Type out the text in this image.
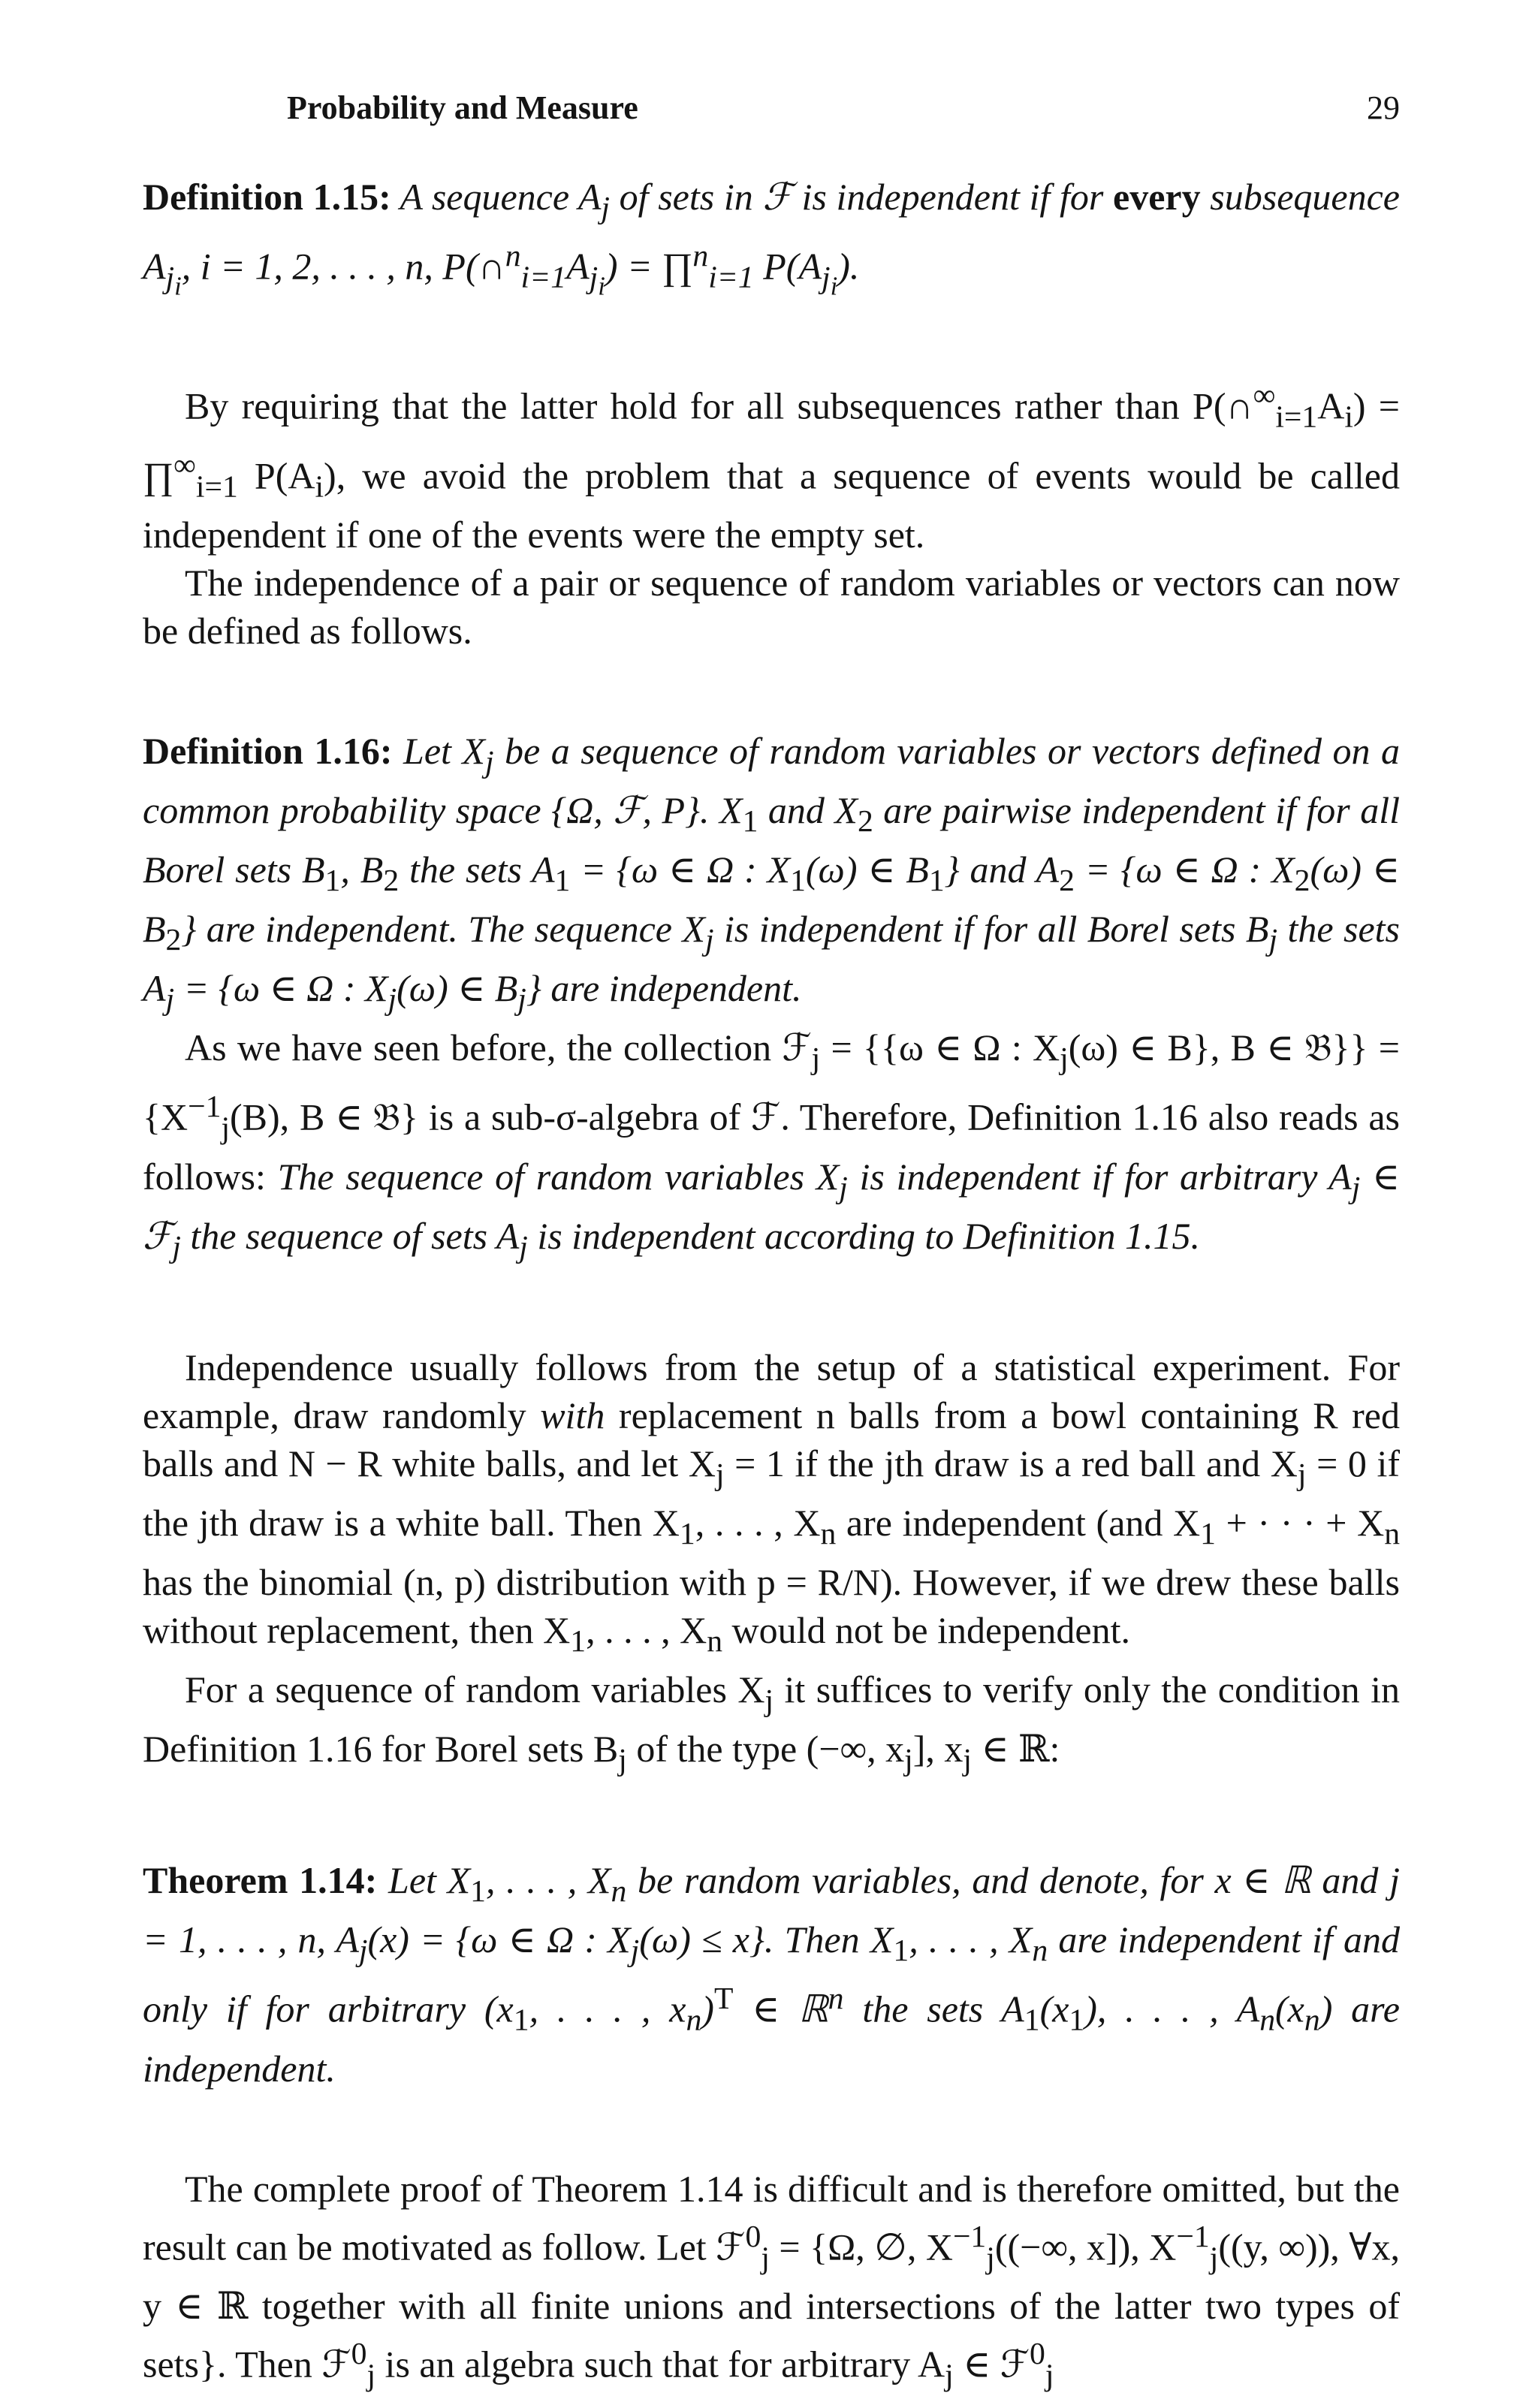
Probability and Measure	29

Definition 1.15: A sequence $A_j$ of sets in ℱ is independent if for every subsequence $A_{j_i}$, i = 1, 2, . . . , n, $P(\cap^n_{i=1}A_{j_i})$ = ∏$^n_{i=1}$ $P(A_{j_i})$.

By requiring that the latter hold for all subsequences rather than $P(\cap^\infty_{i=1}A_i)$ = $\prod^\infty_{i=1}$ $P(A_i)$, we avoid the problem that a sequence of events would be called independent if one of the events were the empty set.

The independence of a pair or sequence of random variables or vectors can now be defined as follows.

Definition 1.16: Let $X_j$ be a sequence of random variables or vectors defined on a common probability space {Ω, ℱ, P}. $X_1$ and $X_2$ are pairwise independent if for all Borel sets $B_1$, $B_2$ the sets $A_1 = \{\omega$ ∈ Ω : $X_1(\omega)$ ∈ $B_1$} and $A_2 = \{\omega$ ∈ Ω : $X_2(\omega)$ ∈ $B_2$} are independent. The sequence $X_j$ is independent if for all Borel sets $B_j$ the sets $A_j = \{\omega$ ∈ Ω : $X_j(\omega)$ ∈ $B_j$} are independent.

As we have seen before, the collection ℱ$_j$ = {{ω ∈ Ω : $X_j(\omega)$ ∈ B}, B ∈ 𝔅}} = {$X^{-1}_j(B)$, B ∈ 𝔅} is a sub-σ-algebra of ℱ. Therefore, Definition 1.16 also reads as follows: The sequence of random variables $X_j$ is independent if for arbitrary $A_j$ ∈ ℱ$_j$ the sequence of sets $A_j$ is independent according to Definition 1.15.

Independence usually follows from the setup of a statistical experiment. For example, draw randomly with replacement n balls from a bowl containing R red balls and N − R white balls, and let $X_j = 1$ if the jth draw is a red ball and $X_j = 0$ if the jth draw is a white ball. Then $X_1$, . . . , $X_n$ are independent (and $X_1$ + · · · + $X_n$ has the binomial (n, p) distribution with p = R/N). However, if we drew these balls without replacement, then $X_1$, . . . , $X_n$ would not be independent.

For a sequence of random variables $X_j$ it suffices to verify only the condition in Definition 1.16 for Borel sets $B_j$ of the type (−∞, $x_j$], $x_j$ ∈ ℝ:

Theorem 1.14: Let $X_1$, . . . , $X_n$ be random variables, and denote, for x ∈ ℝ and j = 1, . . . , n, $A_j(x) = \{\omega$ ∈ Ω : $X_j(\omega) \le x$}. Then $X_1$, . . . , $X_n$ are independent if and only if for arbitrary ($x_1$, . . . , $x_n)^T$ ∈ ℝ$^n$ the sets $A_1(x_1)$, . . . , $A_n(x_n)$ are independent.

The complete proof of Theorem 1.14 is difficult and is therefore omitted, but the result can be motivated as follow. Let ℱ$^0_j$ = {Ω, ∅, $X^{-1}_j((-\infty$, x]), $X^{-1}_j((y$, ∞)), ∀x, y ∈ ℝ together with all finite unions and intersections of the latter two types of sets}. Then ℱ$^0_j$ is an algebra such that for arbitrary $A_j$ ∈ ℱ$^0_j$
